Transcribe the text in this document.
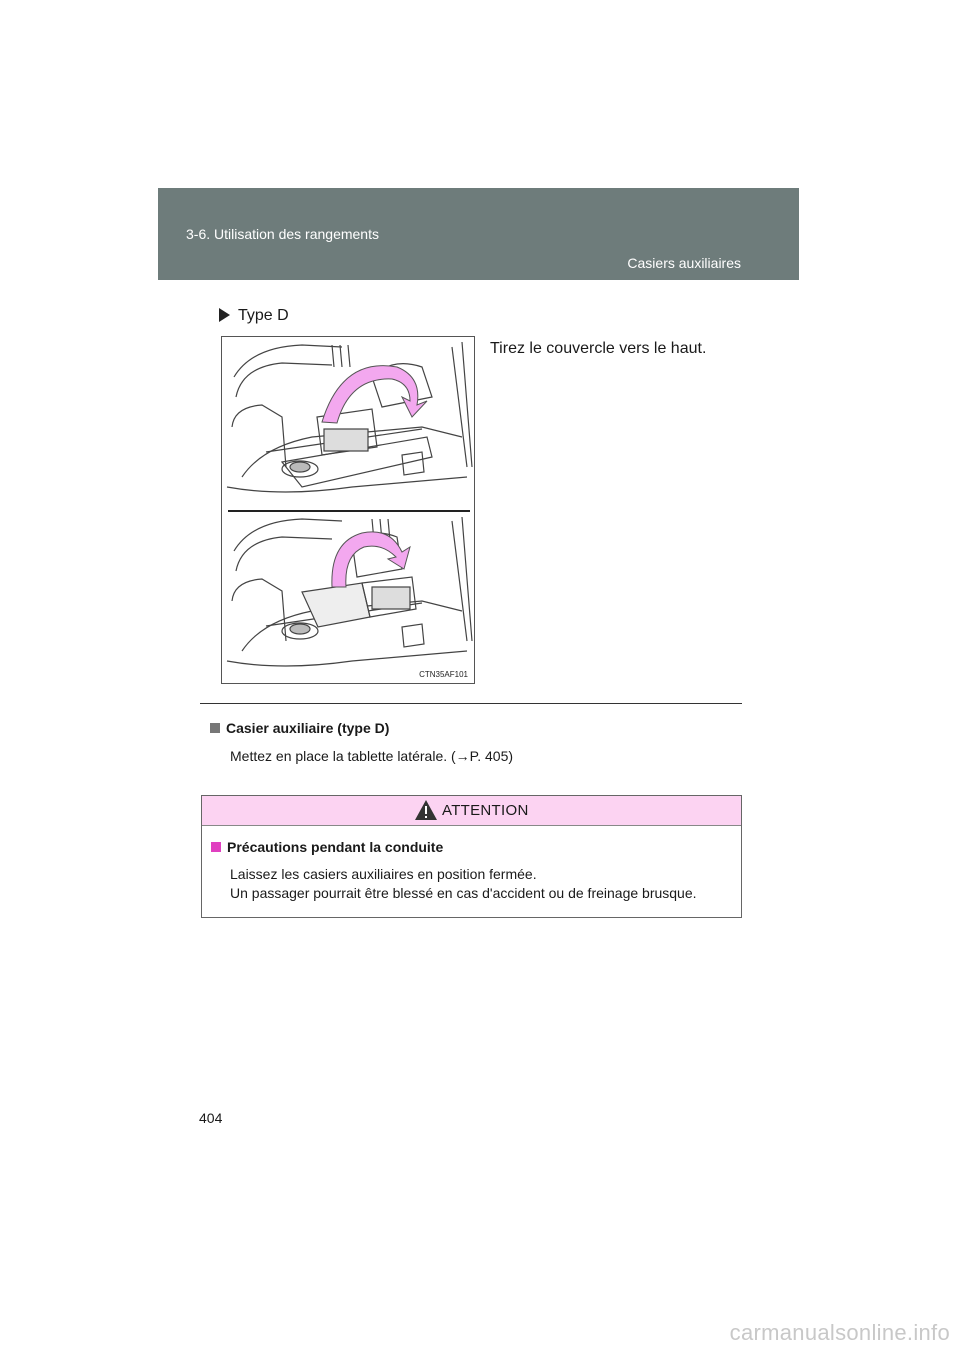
3-6. Utilisation des rangements
Casiers auxiliaires
Type D
Tirez le couvercle vers le haut.
CTN35AF101
Casier auxiliaire (type D)
Mettez en place la tablette latérale. (→P. 405)
ATTENTION
Précautions pendant la conduite
Laissez les casiers auxiliaires en position fermée.
Un passager pourrait être blessé en cas d'accident ou de freinage brusque.
404
carmanualsonline.info
